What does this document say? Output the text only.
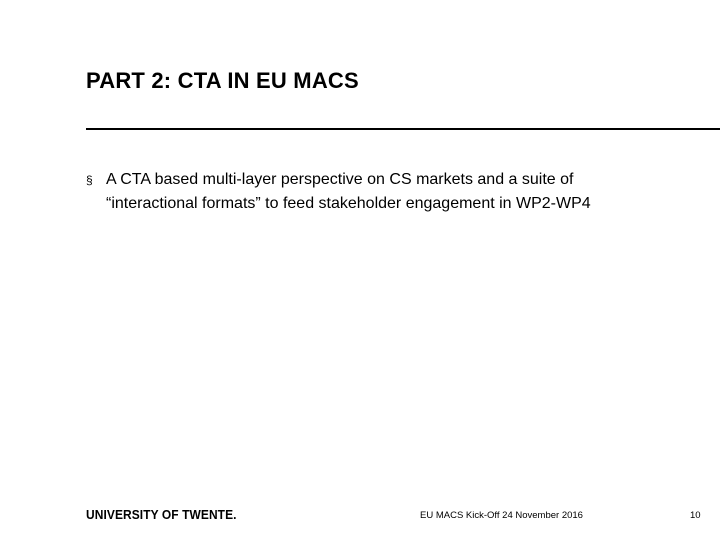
PART 2: CTA IN EU MACS
§ A CTA based multi-layer perspective on CS markets and a suite of
“interactional formats” to feed stakeholder engagement in WP2-WP4
UNIVERSITY OF TWENTE.	EU MACS Kick-Off 24 November 2016	10
